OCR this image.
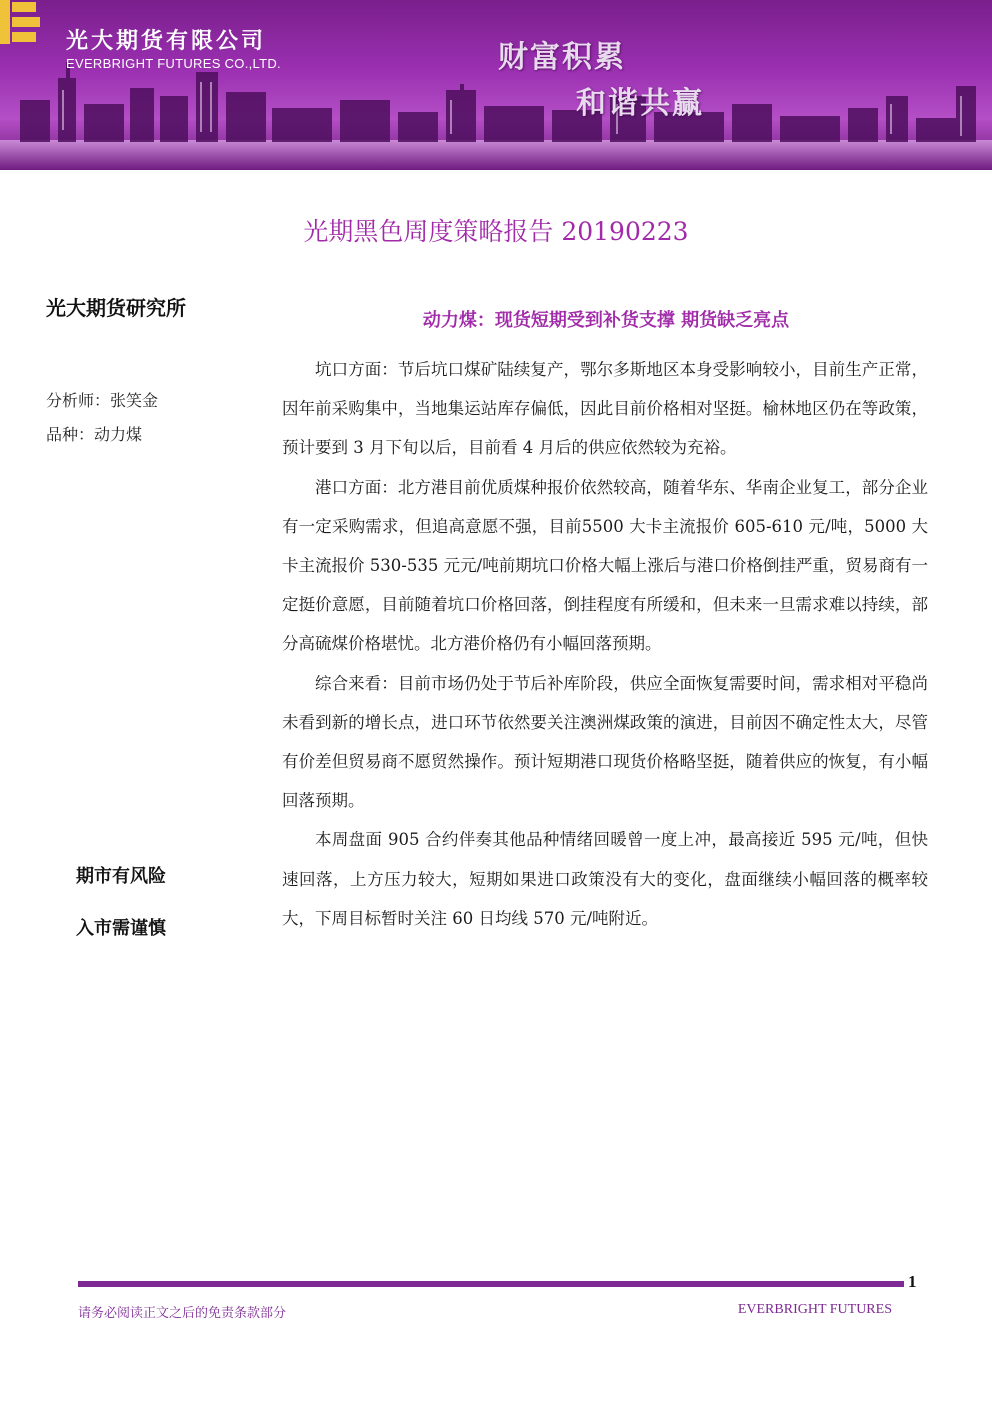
光大期货有限公司
EVERBRIGHT FUTURES CO.,LTD.	财富积累
和谐共赢
光期黑色周度策略报告 20190223
光大期货研究所
分析师：张笑金
品种：动力煤
期市有风险
入市需谨慎
动力煤：现货短期受到补货支撑 期货缺乏亮点

坑口方面：节后坑口煤矿陆续复产，鄂尔多斯地区本身受影响较小，目前生产正常，因年前采购集中，当地集运站库存偏低，因此目前价格相对坚挺。榆林地区仍在等政策，预计要到 3 月下旬以后，目前看 4 月后的供应依然较为充裕。

港口方面：北方港目前优质煤种报价依然较高，随着华东、华南企业复工，部分企业有一定采购需求，但追高意愿不强，目前5500 大卡主流报价 605-610 元/吨，5000 大卡主流报价 530-535 元元/吨前期坑口价格大幅上涨后与港口价格倒挂严重，贸易商有一定挺价意愿，目前随着坑口价格回落，倒挂程度有所缓和，但未来一旦需求难以持续，部分高硫煤价格堪忧。北方港价格仍有小幅回落预期。

综合来看：目前市场仍处于节后补库阶段，供应全面恢复需要时间，需求相对平稳尚未看到新的增长点，进口环节依然要关注澳洲煤政策的演进，目前因不确定性太大，尽管有价差但贸易商不愿贸然操作。预计短期港口现货价格略坚挺，随着供应的恢复，有小幅回落预期。

本周盘面 905 合约伴奏其他品种情绪回暖曾一度上冲，最高接近 595 元/吨，但快速回落，上方压力较大，短期如果进口政策没有大的变化，盘面继续小幅回落的概率较大，下周目标暂时关注 60 日均线 570 元/吨附近。

1
请务必阅读正文之后的免责条款部分	EVERBRIGHT FUTURES
